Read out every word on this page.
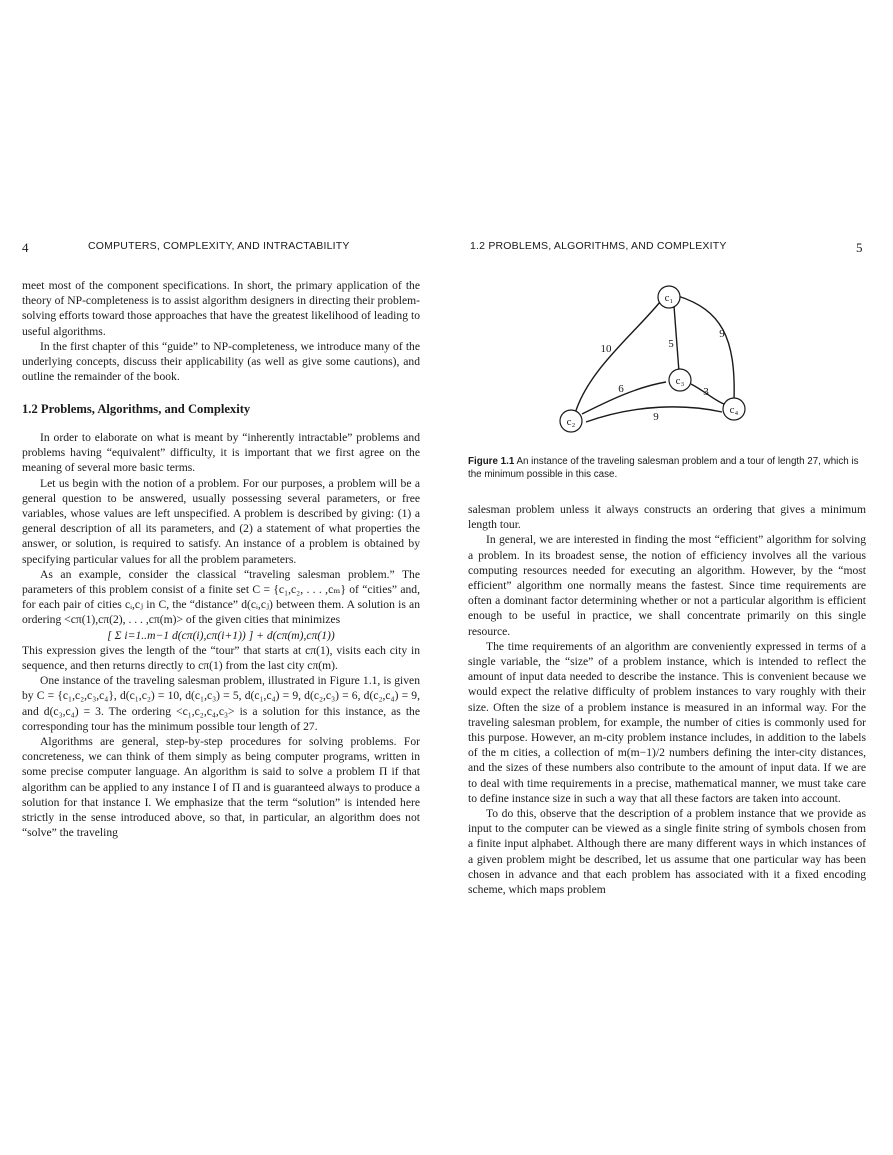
4	COMPUTERS, COMPLEXITY, AND INTRACTABILITY

meet most of the component specifications. In short, the primary application of the theory of NP-completeness is to assist algorithm designers in directing their problem-solving efforts toward those approaches that have the greatest likelihood of leading to useful algorithms.

In the first chapter of this “guide” to NP-completeness, we introduce many of the underlying concepts, discuss their applicability (as well as give some cautions), and outline the remainder of the book.

1.2 Problems, Algorithms, and Complexity

In order to elaborate on what is meant by “inherently intractable” problems and problems having “equivalent” difficulty, it is important that we first agree on the meaning of several more basic terms.

Let us begin with the notion of a problem. For our purposes, a problem will be a general question to be answered, usually possessing several parameters, or free variables, whose values are left unspecified. A problem is described by giving: (1) a general description of all its parameters, and (2) a statement of what properties the answer, or solution, is required to satisfy. An instance of a problem is obtained by specifying particular values for all the problem parameters.

As an example, consider the classical “traveling salesman problem.” The parameters of this problem consist of a finite set C = {c₁,c₂, . . . ,cₘ} of “cities” and, for each pair of cities cᵢ,cⱼ in C, the “distance” d(cᵢ,cⱼ) between them. A solution is an ordering <cπ(1),cπ(2), . . . ,cπ(m)> of the given cities that minimizes

[ Σ i=1..m−1 d(cπ(i),cπ(i+1)) ] + d(cπ(m),cπ(1))

This expression gives the length of the “tour” that starts at cπ(1), visits each city in sequence, and then returns directly to cπ(1) from the last city cπ(m).

One instance of the traveling salesman problem, illustrated in Figure 1.1, is given by C = {c₁,c₂,c₃,c₄}, d(c₁,c₂) = 10, d(c₁,c₃) = 5, d(c₁,c₄) = 9, d(c₂,c₃) = 6, d(c₂,c₄) = 9, and d(c₃,c₄) = 3. The ordering <c₁,c₂,c₄,c₃> is a solution for this instance, as the corresponding tour has the minimum possible tour length of 27.

Algorithms are general, step-by-step procedures for solving problems. For concreteness, we can think of them simply as being computer programs, written in some precise computer language. An algorithm is said to solve a problem Π if that algorithm can be applied to any instance I of Π and is guaranteed always to produce a solution for that instance I. We emphasize that the term “solution” is intended here strictly in the sense introduced above, so that, in particular, an algorithm does not “solve” the traveling

1.2 PROBLEMS, ALGORITHMS, AND COMPLEXITY	5
c₁
c₂
c₃
c₄
10	5
9
6	3
9
Figure 1.1 An instance of the traveling salesman problem and a tour of length 27, which is the minimum possible in this case.

salesman problem unless it always constructs an ordering that gives a minimum length tour.

In general, we are interested in finding the most “efficient” algorithm for solving a problem. In its broadest sense, the notion of efficiency involves all the various computing resources needed for executing an algorithm. However, by the “most efficient” algorithm one normally means the fastest. Since time requirements are often a dominant factor determining whether or not a particular algorithm is efficient enough to be useful in practice, we shall concentrate primarily on this single resource.

The time requirements of an algorithm are conveniently expressed in terms of a single variable, the “size” of a problem instance, which is intended to reflect the amount of input data needed to describe the instance. This is convenient because we would expect the relative difficulty of problem instances to vary roughly with their size. Often the size of a problem instance is measured in an informal way. For the traveling salesman problem, for example, the number of cities is commonly used for this purpose. However, an m-city problem instance includes, in addition to the labels of the m cities, a collection of m(m−1)/2 numbers defining the inter-city distances, and the sizes of these numbers also contribute to the amount of input data. If we are to deal with time requirements in a precise, mathematical manner, we must take care to define instance size in such a way that all these factors are taken into account.

To do this, observe that the description of a problem instance that we provide as input to the computer can be viewed as a single finite string of symbols chosen from a finite input alphabet. Although there are many different ways in which instances of a given problem might be described, let us assume that one particular way has been chosen in advance and that each problem has associated with it a fixed encoding scheme, which maps problem
